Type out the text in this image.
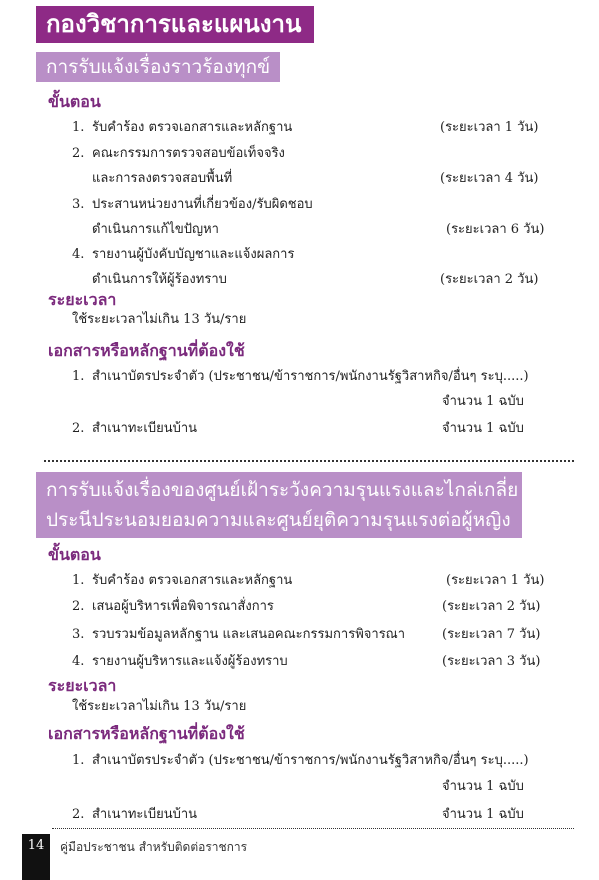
กองวิชาการและแผนงาน
การรับแจ้งเรื่องราวร้องทุกข์
ขั้นตอน
1. รับคำร้อง ตรวจเอกสารและหลักฐาน	(ระยะเวลา 1 วัน)
2. คณะกรรมการตรวจสอบข้อเท็จจริง
และการลงตรวจสอบพื้นที่	(ระยะเวลา 4 วัน)
3. ประสานหน่วยงานที่เกี่ยวข้อง/รับผิดชอบ
ดำเนินการแก้ไขปัญหา	(ระยะเวลา 6 วัน)
4. รายงานผู้บังคับบัญชาและแจ้งผลการ
ดำเนินการให้ผู้ร้องทราบ	(ระยะเวลา 2 วัน)
ระยะเวลา
ใช้ระยะเวลาไม่เกิน 13 วัน/ราย
เอกสารหรือหลักฐานที่ต้องใช้
1. สำเนาบัตรประจำตัว (ประชาชน/ข้าราชการ/พนักงานรัฐวิสาหกิจ/อื่นๆ ระบุ.....)
จำนวน 1 ฉบับ
2. สำเนาทะเบียนบ้าน	จำนวน 1 ฉบับ
การรับแจ้งเรื่องของศูนย์เฝ้าระวังความรุนแรงและไกล่เกลี่ย
ประนีประนอมยอมความและศูนย์ยุติความรุนแรงต่อผู้หญิง
ขั้นตอน
1. รับคำร้อง ตรวจเอกสารและหลักฐาน	(ระยะเวลา 1 วัน)
2. เสนอผู้บริหารเพื่อพิจารณาสั่งการ	(ระยะเวลา 2 วัน)
3. รวบรวมข้อมูลหลักฐาน และเสนอคณะกรรมการพิจารณา	(ระยะเวลา 7 วัน)
4. รายงานผู้บริหารและแจ้งผู้ร้องทราบ	(ระยะเวลา 3 วัน)
ระยะเวลา
ใช้ระยะเวลาไม่เกิน 13 วัน/ราย
เอกสารหรือหลักฐานที่ต้องใช้
1. สำเนาบัตรประจำตัว (ประชาชน/ข้าราชการ/พนักงานรัฐวิสาหกิจ/อื่นๆ ระบุ.....)
จำนวน 1 ฉบับ
2. สำเนาทะเบียนบ้าน	จำนวน 1 ฉบับ
14	คู่มือประชาชน สำหรับติดต่อราชการ
